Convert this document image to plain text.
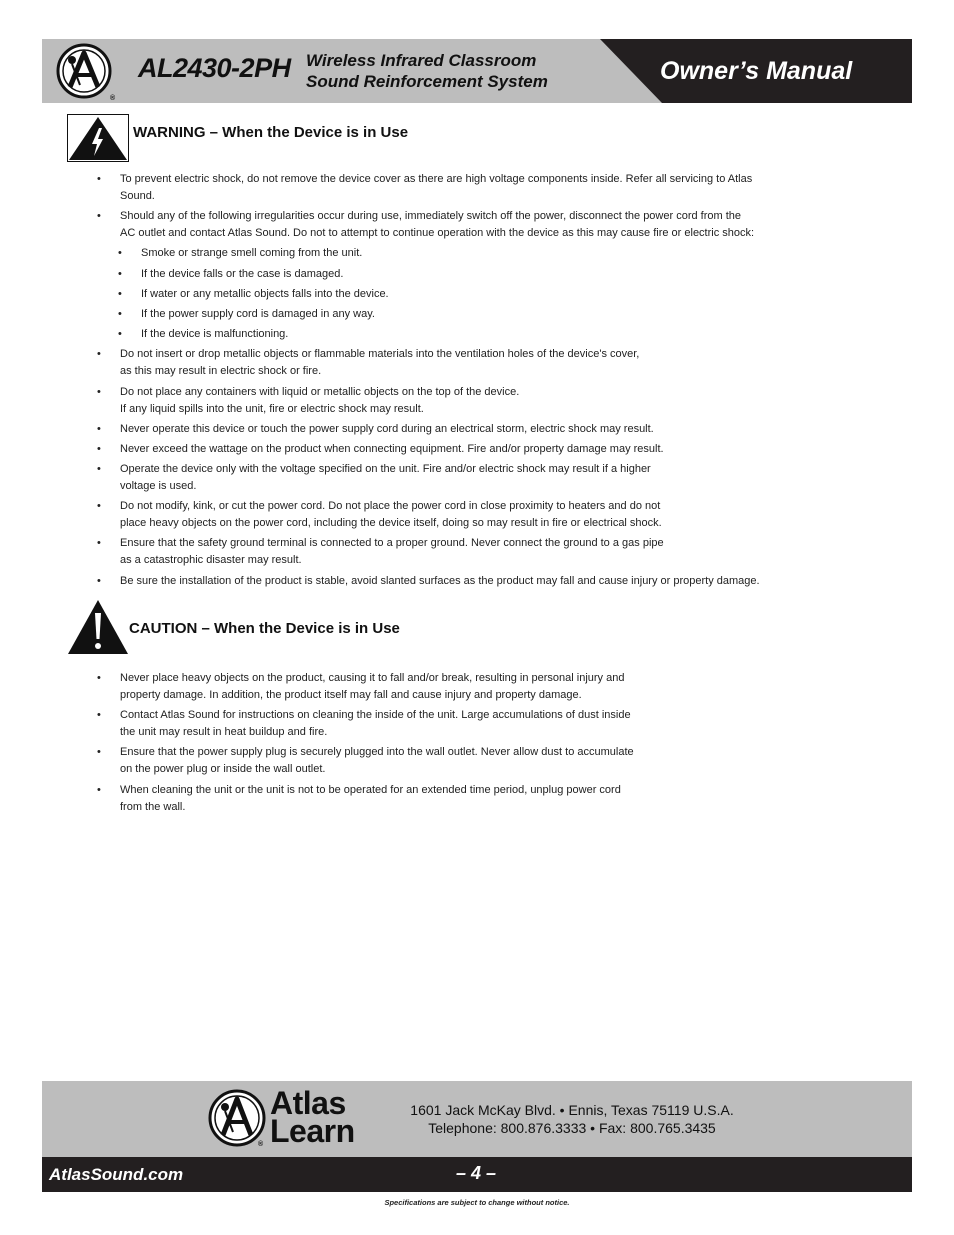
®
AL2430-2PH Wireless Infrared Classroom
Sound Reinforcement System	Owner’s Manual
WARNING – When the Device is in Use
• To prevent electric shock, do not remove the device cover as there are high voltage components inside. Refer all servicing to Atlas
Sound.
• Should any of the following irregularities occur during use, immediately switch off the power, disconnect the power cord from the
AC outlet and contact Atlas Sound. Do not to attempt to continue operation with the device as this may cause fire or electric shock:
• Smoke or strange smell coming from the unit.
• If the device falls or the case is damaged.
• If water or any metallic objects falls into the device.
• If the power supply cord is damaged in any way.
• If the device is malfunctioning.
• Do not insert or drop metallic objects or flammable materials into the ventilation holes of the device's cover,
as this may result in electric shock or fire.
• Do not place any containers with liquid or metallic objects on the top of the device.
If any liquid spills into the unit, fire or electric shock may result.
• Never operate this device or touch the power supply cord during an electrical storm, electric shock may result.
• Never exceed the wattage on the product when connecting equipment. Fire and/or property damage may result.
• Operate the device only with the voltage specified on the unit. Fire and/or electric shock may result if a higher
voltage is used.
• Do not modify, kink, or cut the power cord. Do not place the power cord in close proximity to heaters and do not
place heavy objects on the power cord, including the device itself, doing so may result in fire or electrical shock.
• Ensure that the safety ground terminal is connected to a proper ground. Never connect the ground to a gas pipe
as a catastrophic disaster may result.
• Be sure the installation of the product is stable, avoid slanted surfaces as the product may fall and cause injury or property damage.
CAUTION – When the Device is in Use
• Never place heavy objects on the product, causing it to fall and/or break, resulting in personal injury and
property damage. In addition, the product itself may fall and cause injury and property damage.
• Contact Atlas Sound for instructions on cleaning the inside of the unit. Large accumulations of dust inside
the unit may result in heat buildup and fire.
• Ensure that the power supply plug is securely plugged into the wall outlet. Never allow dust to accumulate
on the power plug or inside the wall outlet.
• When cleaning the unit or the unit is not to be operated for an extended time period, unplug power cord
from the wall.
®
Atlas
Learn
1601 Jack McKay Blvd. • Ennis, Texas 75119 U.S.A.
Telephone: 800.876.3333 • Fax: 800.765.3435
AtlasSound.com	– 4 –
Specifications are subject to change without notice.
